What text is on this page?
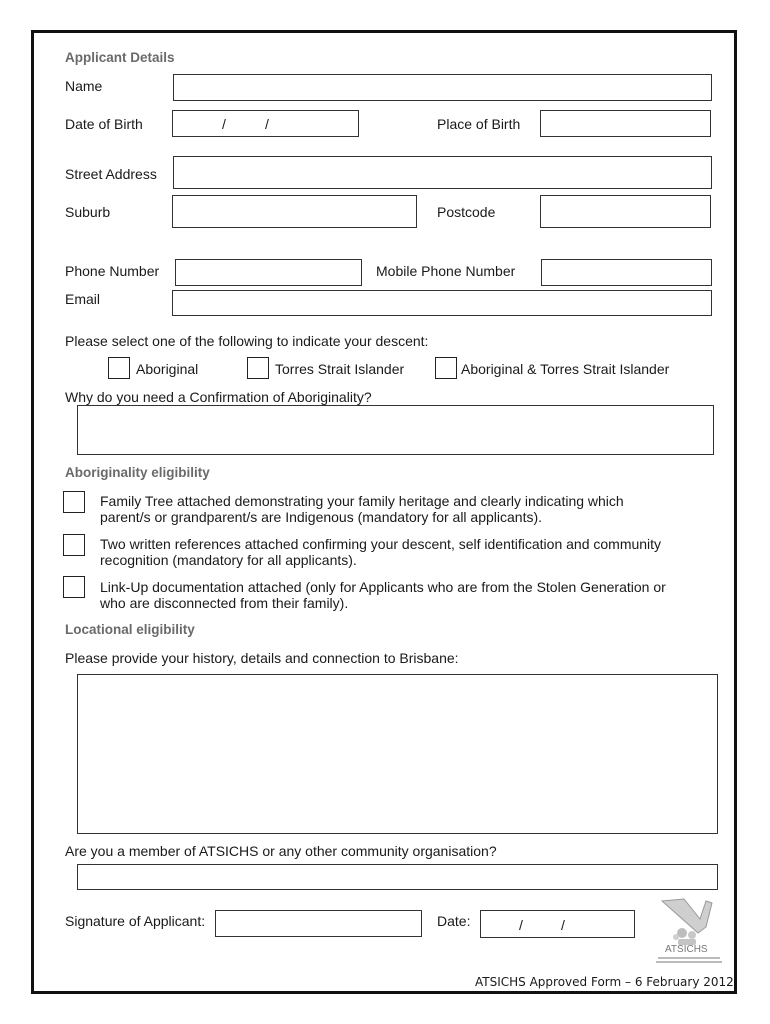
Applicant Details
Name
Date of Birth	/	/	Place of Birth
Street Address
Suburb	Postcode
Phone Number	Mobile Phone Number
Email
Please select one of the following to indicate your descent:
Aboriginal	Torres Strait Islander	Aboriginal & Torres Strait Islander
Why do you need a Confirmation of Aboriginality?
Aboriginality eligibility
Family Tree attached demonstrating your family heritage and clearly indicating which
parent/s or grandparent/s are Indigenous (mandatory for all applicants).
Two written references attached confirming your descent, self identification and community
recognition (mandatory for all applicants).
Link-Up documentation attached (only for Applicants who are from the Stolen Generation or
who are disconnected from their family).
Locational eligibility
Please provide your history, details and connection to Brisbane:
Are you a member of ATSICHS or any other community organisation?
Signature of Applicant:	Date:	/	/
ATSICHS
ATSICHS Approved Form – 6 February 2012
